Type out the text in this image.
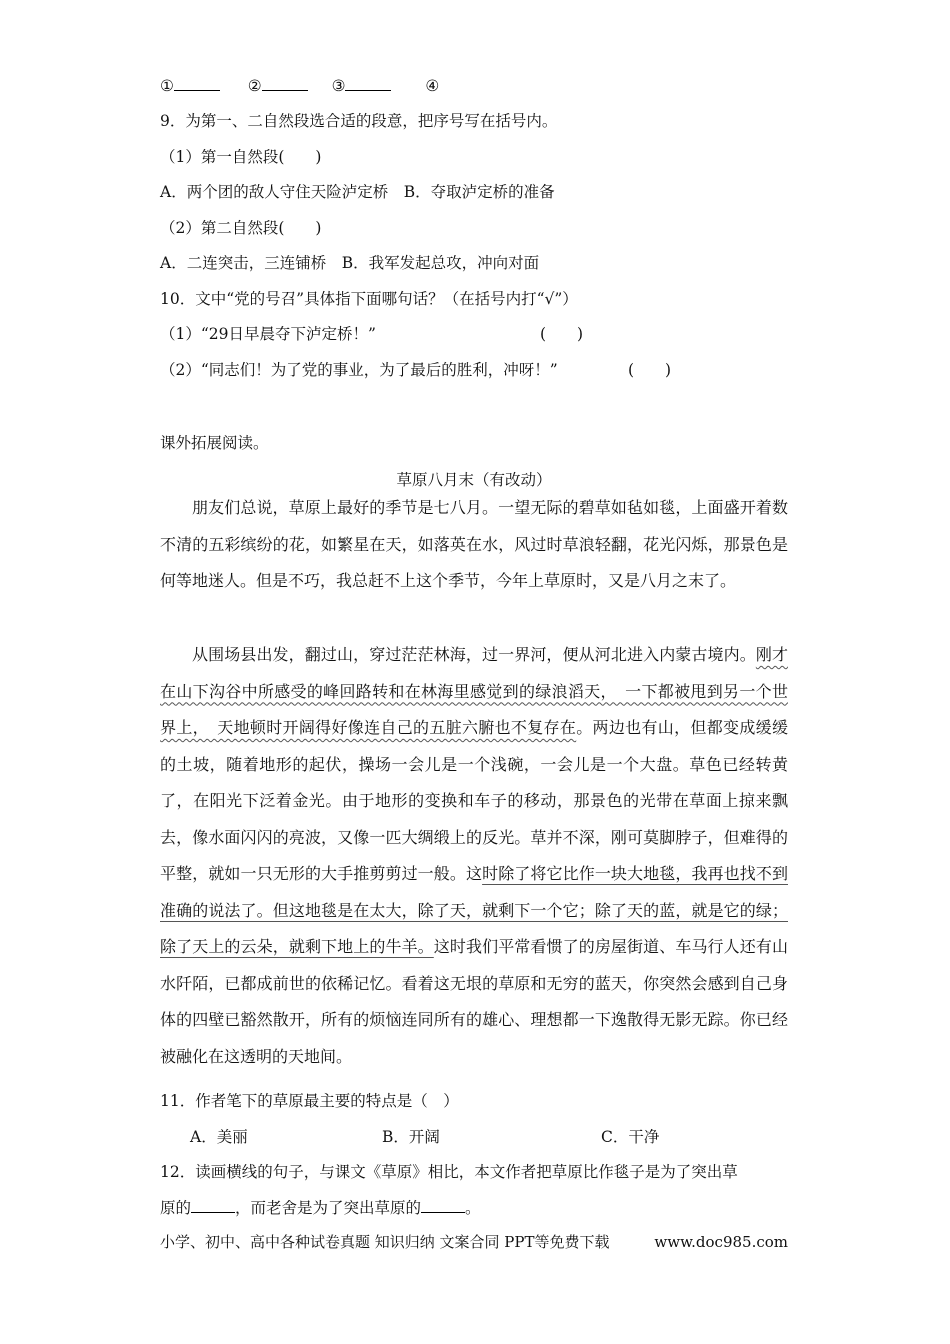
①	②	③	④
9．为第一、二自然段选合适的段意，把序号写在括号内。
（1）第一自然段(　　)
A．两个团的敌人守住天险泸定桥　B．夺取泸定桥的准备
（2）第二自然段(　　)
A．二连突击，三连铺桥　B．我军发起总攻，冲向对面
10．文中“党的号召”具体指下面哪句话？（在括号内打“√”）
（1）“29日早晨夺下泸定桥！”	(　　)
（2）“同志们！为了党的事业，为了最后的胜利，冲呀！”	(　　)
课外拓展阅读。
草原八月末（有改动）
朋友们总说，草原上最好的季节是七八月。一望无际的碧草如毡如毯，上面盛开着数不清的五彩缤纷的花，如繁星在天，如落英在水，风过时草浪轻翻，花光闪烁，那景色是何等地迷人。但是不巧，我总赶不上这个季节，今年上草原时，又是八月之末了。
从围场县出发，翻过山，穿过茫茫林海，过一界河，便从河北进入内蒙古境内。刚才在山下沟谷中所感受的峰回路转和在林海里感觉到的绿浪滔天，　一下都被甩到另一个世界上，　天地顿时开阔得好像连自己的五脏六腑也不复存在。两边也有山，但都变成缓缓的土坡，随着地形的起伏，操场一会儿是一个浅碗，一会儿是一个大盘。草色已经转黄了，在阳光下泛着金光。由于地形的变换和车子的移动，那景色的光带在草面上掠来飘去，像水面闪闪的亮波，又像一匹大绸缎上的反光。草并不深，刚可莫脚脖子，但难得的平整，就如一只无形的大手推剪剪过一般。这时除了将它比作一块大地毯，我再也找不到准确的说法了。但这地毯是在太大，除了天，就剩下一个它；除了天的蓝，就是它的绿；除了天上的云朵，就剩下地上的牛羊。这时我们平常看惯了的房屋街道、车马行人还有山水阡陌，已都成前世的依稀记忆。看着这无垠的草原和无穷的蓝天，你突然会感到自己身体的四壁已豁然散开，所有的烦恼连同所有的雄心、理想都一下逸散得无影无踪。你已经被融化在这透明的天地间。
11．作者笔下的草原最主要的特点是（　）
A．美丽	B．开阔	C．干净
12．读画横线的句子，与课文《草原》相比，本文作者把草原比作毯子是为了突出草
原的	，而老舍是为了突出草原的	。
小学、初中、高中各种试卷真题 知识归纳 文案合同 PPT等免费下载	www.doc985.com
